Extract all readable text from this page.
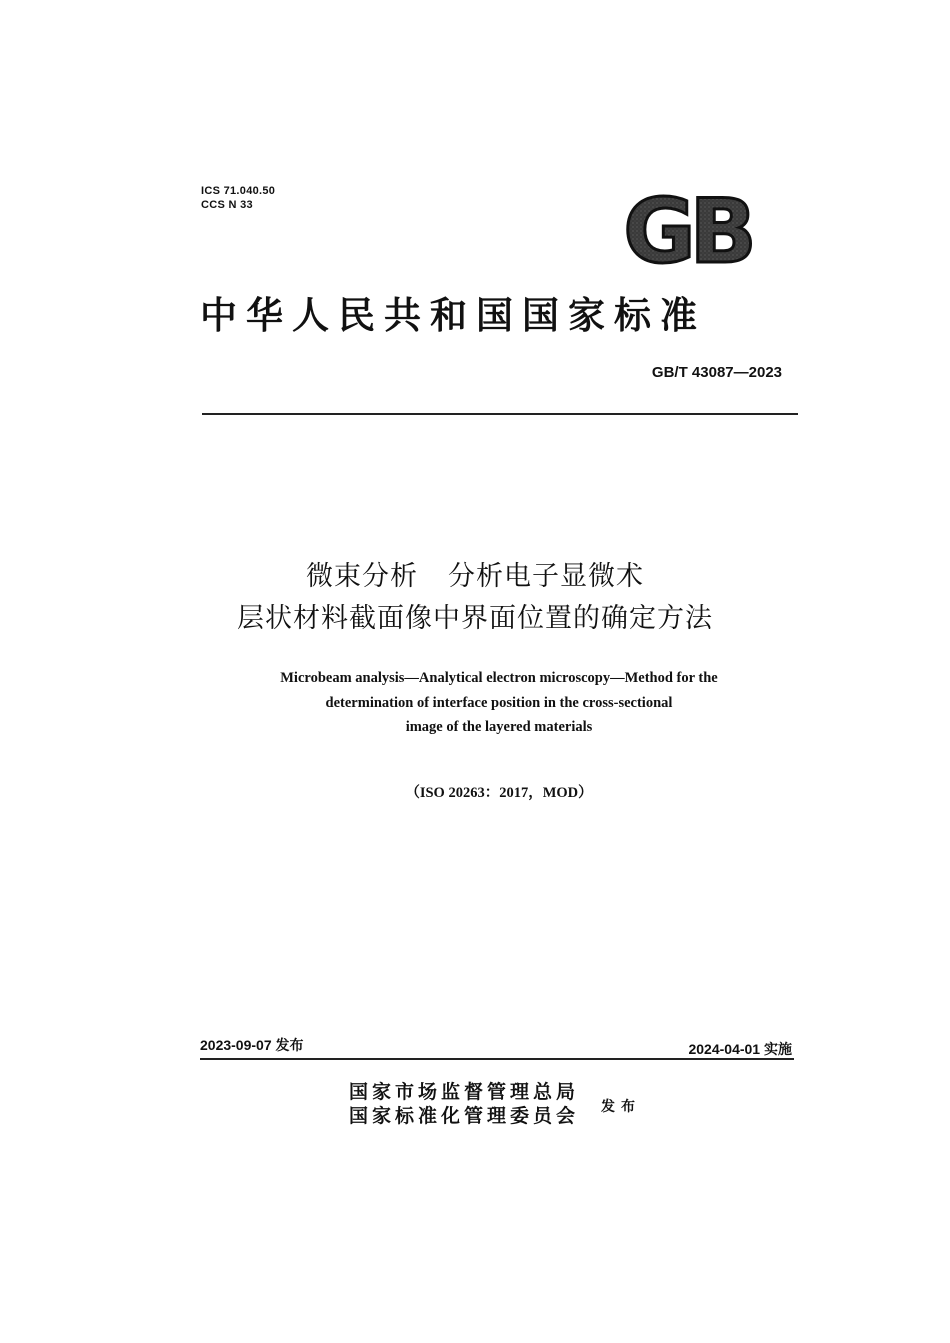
ICS 71.040.50
CCS N 33	GB
中华人民共和国国家标准
GB/T 43087—2023
微束分析 分析电子显微术
层状材料截面像中界面位置的确定方法
Microbeam analysis—Analytical electron microscopy—Method for the
determination of interface position in the cross-sectional
image of the layered materials
（ISO 20263：2017，MOD）
2023-09-07 发布	2024-04-01 实施
国家市场监督管理总局
国家标准化管理委员会 发布
